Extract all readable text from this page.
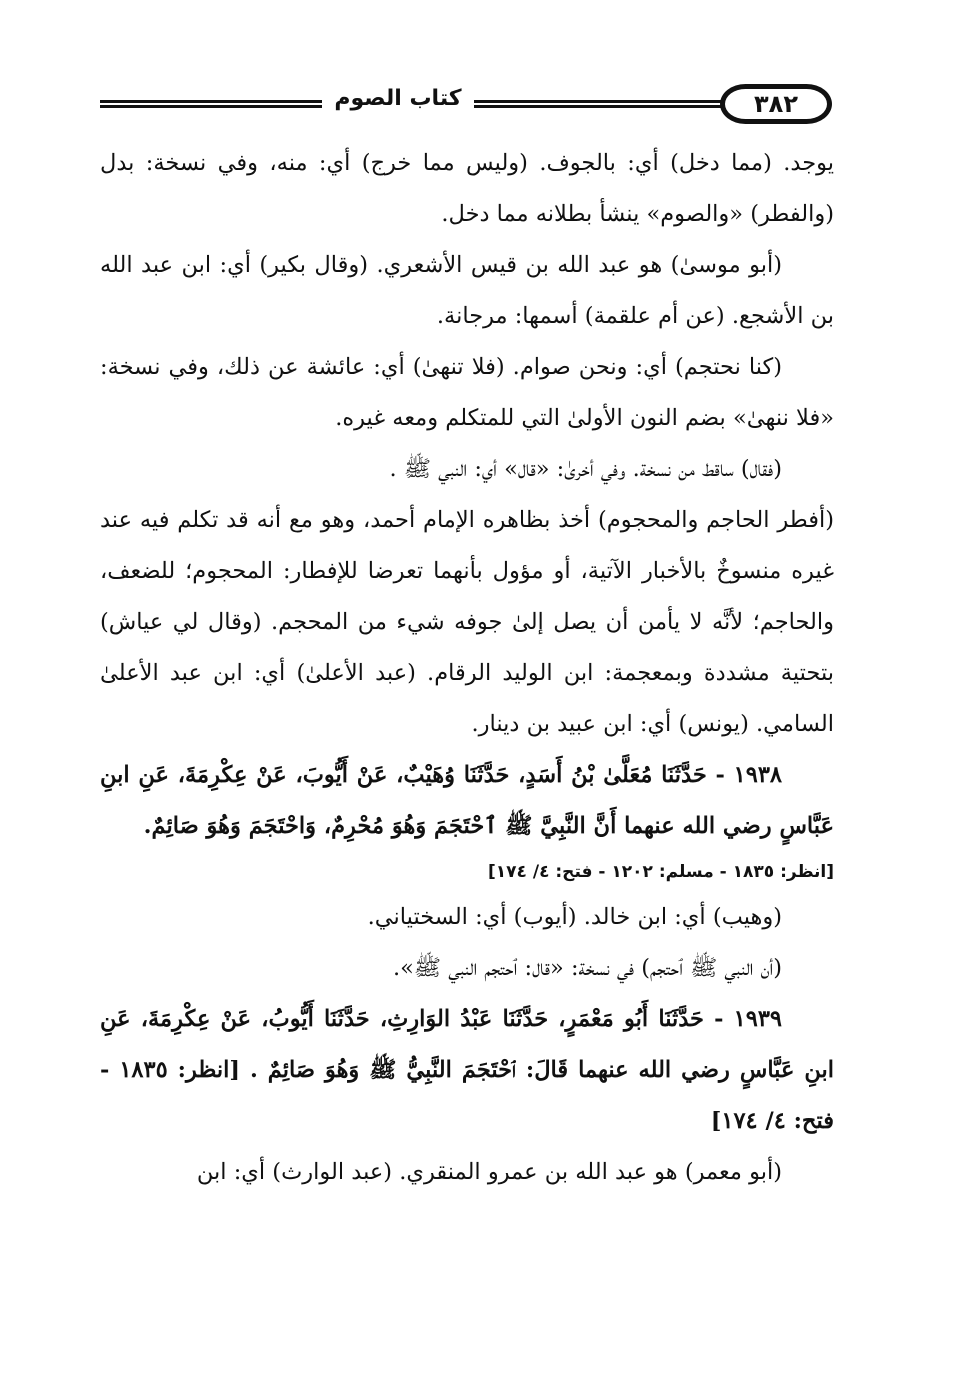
٣٨٢
كتاب الصوم

يوجد. (مما دخل) أي: بالجوف. (وليس مما خرج) أي: منه، وفي نسخة: بدل (والفطر) «والصوم» ينشأ بطلانه مما دخل.

(أبو موسىٰ) هو عبد الله بن قيس الأشعري. (وقال بكير) أي: ابن عبد الله بن الأشجع. (عن أم علقمة) أسمها: مرجانة.

(كنا نحتجم) أي: ونحن صوام. (فلا تنهىٰ) أي: عائشة عن ذلك، وفي نسخة: «فلا ننهىٰ» بضم النون الأولىٰ التي للمتكلم ومعه غيره.

(فقال) ساقط من نسخة. وفي أخرىٰ: «قال» أي: النبي ﷺ .

(أفطر الحاجم والمحجوم) أخذ بظاهره الإمام أحمد، وهو مع أنه قد تكلم فيه عند غيره منسوخٌ بالأخبار الآتية، أو مؤول بأنهما تعرضا للإفطار: المحجوم؛ للضعف، والحاجم؛ لأنَّه لا يأمن أن يصل إلىٰ جوفه شيء من المحجم. (وقال لي عياش) بتحتية مشددة وبمعجمة: ابن الوليد الرقام. (عبد الأعلىٰ) أي: ابن عبد الأعلىٰ السامي. (يونس) أي: ابن عبيد بن دينار.

١٩٣٨ - حَدَّثَنَا مُعَلَّىٰ بْنُ أَسَدٍ، حَدَّثَنَا وُهَيْبٌ، عَنْ أَيُّوبَ، عَنْ عِكْرِمَةَ، عَنِ ابنِ عَبَّاسٍ رضي الله عنهما أَنَّ النَّبِيَّ ﷺ ٱحْتَجَمَ وَهُوَ مُحْرِمٌ، وَاحْتَجَمَ وَهُوَ صَائِمٌ.

[انظر: ١٨٣٥ - مسلم: ١٢٠٢ - فتح: ٤/ ١٧٤]

(وهيب) أي: ابن خالد. (أيوب) أي: السختياني.

(أن النبي ﷺ ٱحتجم) في نسخة: «قال: ٱحتجم النبي ﷺ».

١٩٣٩ - حَدَّثَنَا أَبُو مَعْمَرٍ، حَدَّثَنَا عَبْدُ الوَارِثِ، حَدَّثَنَا أَيُّوبُ، عَنْ عِكْرِمَةَ، عَنِ ابنِ عَبَّاسٍ رضي الله عنهما قَالَ: ٱحْتَجَمَ النَّبِيُّ ﷺ وَهُوَ صَائِمٌ . [انظر: ١٨٣٥ - فتح: ٤/ ١٧٤]

(أبو معمر) هو عبد الله بن عمرو المنقري. (عبد الوارث) أي: ابن
